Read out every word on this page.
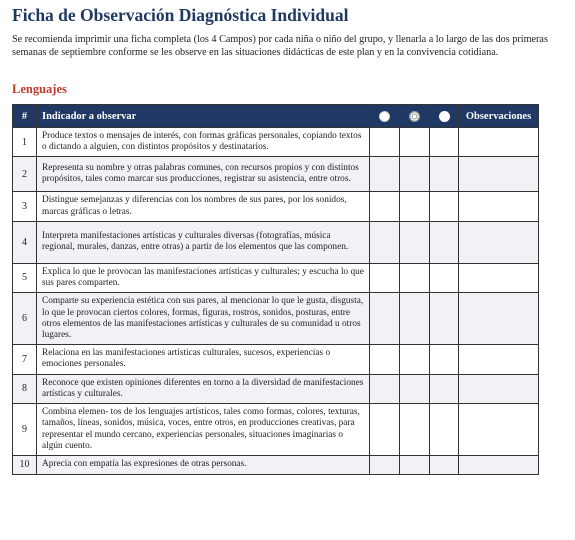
Ficha de Observación Diagnóstica Individual

Se recomienda imprimir una ficha completa (los 4 Campos) por cada niña o niño del grupo, y llenarla a lo largo de las dos primeras semanas de septiembre conforme se les observe en las situaciones didácticas de este plan y en la convivencia cotidiana.

Lenguajes
#	Indicador a observar				Observaciones
1	Produce textos o mensajes de interés, con formas gráficas personales, copiando textos o dictando a alguien, con distintos propósitos y destinatarios.				
2	Representa su nombre y otras palabras comunes, con recursos propios y con distintos propósitos, tales como marcar sus producciones, registrar su asistencia, entre otros.				
3	Distingue semejanzas y diferencias con los nombres de sus pares, por los sonidos, marcas gráficas o letras.				
4	Interpreta manifestaciones artísticas y culturales diversas (fotografías, música regional, murales, danzas, entre otras) a partir de los elementos que las componen.				
5	Explica lo que le provocan las manifestaciones artísticas y culturales; y escucha lo que sus pares comparten.				
6	Comparte su experiencia estética con sus pares, al mencionar lo que le gusta, disgusta, lo que le provocan ciertos colores, formas, figuras, rostros, sonidos, posturas, entre otros elementos de las manifestaciones artísticas y culturales de su comunidad u otros lugares.				
7	Relaciona en las manifestaciones artísticas culturales, sucesos, experiencias o emociones personales.				
8	Reconoce que existen opiniones diferentes en torno a la diversidad de manifestaciones artísticas y culturales.				
9	Combina elemen- tos de los lenguajes artísticos, tales como formas, colores, texturas, tamaños, líneas, sonidos, música, voces, entre otros, en producciones creativas, para representar el mundo cercano, experiencias personales, situaciones imaginarias o algún cuento.				
10	Aprecia con empatía las expresiones de otras personas.				
